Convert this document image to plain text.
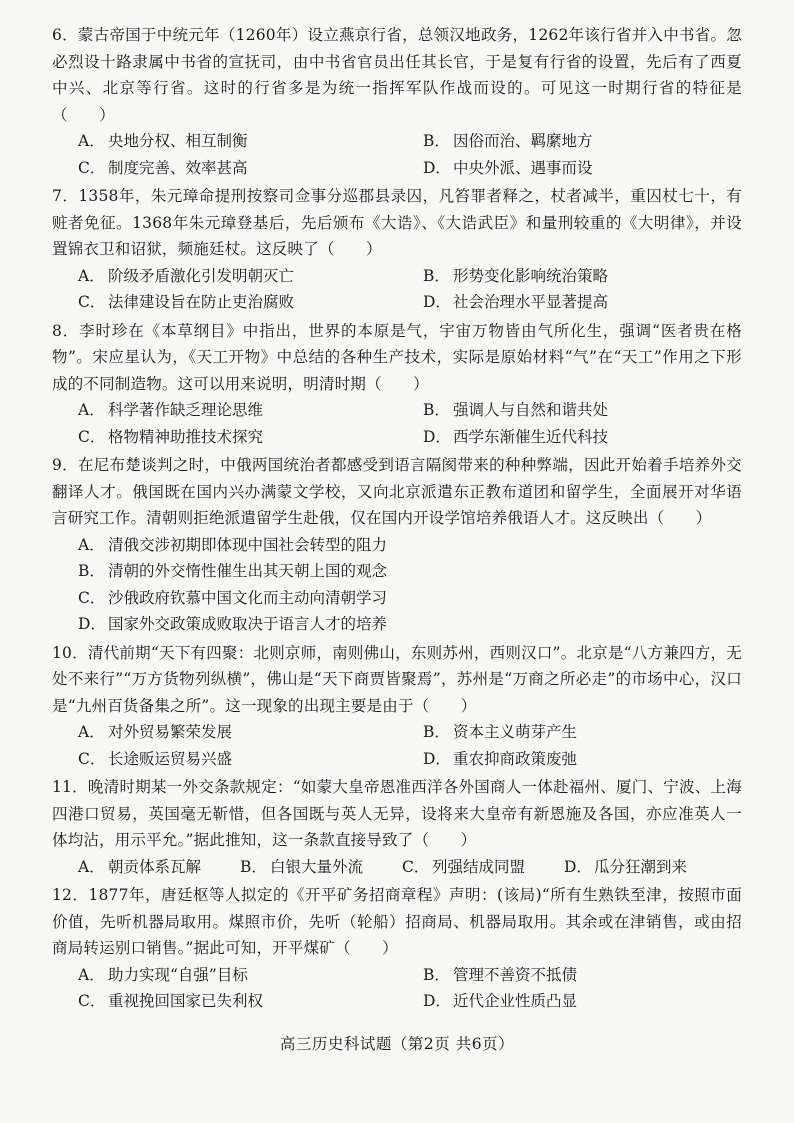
6．蒙古帝国于中统元年（1260年）设立燕京行省，总领汉地政务，1262年该行省并入中书省。忽必烈设十路隶属中书省的宣抚司，由中书省官员出任其长官，于是复有行省的设置，先后有了西夏中兴、北京等行省。这时的行省多是为统一指挥军队作战而设的。可见这一时期行省的特征是（　　）
A． 央地分权、相互制衡	B． 因俗而治、羁縻地方
C． 制度完善、效率甚高	D． 中央外派、遇事而设
7．1358年，朱元璋命提刑按察司佥事分巡郡县录囚，凡笞罪者释之，杖者减半，重囚杖七十，有赃者免征。1368年朱元璋登基后，先后颁布《大诰》、《大诰武臣》和量刑较重的《大明律》，并设置锦衣卫和诏狱，频施廷杖。这反映了（　　）
A． 阶级矛盾激化引发明朝灭亡	B． 形势变化影响统治策略
C． 法律建设旨在防止吏治腐败	D． 社会治理水平显著提高
8．李时珍在《本草纲目》中指出，世界的本原是气，宇宙万物皆由气所化生，强调“医者贵在格物”。宋应星认为，《天工开物》中总结的各种生产技术，实际是原始材料“气”在“天工”作用之下形成的不同制造物。这可以用来说明，明清时期（　　）
A． 科学著作缺乏理论思维	B． 强调人与自然和谐共处
C． 格物精神助推技术探究	D． 西学东渐催生近代科技
9．在尼布楚谈判之时，中俄两国统治者都感受到语言隔阂带来的种种弊端，因此开始着手培养外交翻译人才。俄国既在国内兴办满蒙文学校，又向北京派遣东正教布道团和留学生，全面展开对华语言研究工作。清朝则拒绝派遣留学生赴俄，仅在国内开设学馆培养俄语人才。这反映出（　　）
A． 清俄交涉初期即体现中国社会转型的阻力
B． 清朝的外交惰性催生出其天朝上国的观念
C． 沙俄政府钦慕中国文化而主动向清朝学习
D． 国家外交政策成败取决于语言人才的培养
10．清代前期“天下有四聚：北则京师，南则佛山，东则苏州，西则汉口”。北京是“八方兼四方，无处不来行”“万方货物列纵横”，佛山是“天下商贾皆聚焉”，苏州是“万商之所必走”的市场中心，汉口是“九州百货备集之所”。这一现象的出现主要是由于（　　）
A． 对外贸易繁荣发展	B． 资本主义萌芽产生
C． 长途贩运贸易兴盛	D． 重农抑商政策废弛
11．晚清时期某一外交条款规定：“如蒙大皇帝恩准西洋各外国商人一体赴福州、厦门、宁波、上海四港口贸易，英国毫无靳惜，但各国既与英人无异，设将来大皇帝有新恩施及各国，亦应准英人一体均沾，用示平允。”据此推知，这一条款直接导致了（　　）
A． 朝贡体系瓦解	B． 白银大量外流	C． 列强结成同盟	D． 瓜分狂潮到来
12．1877年，唐廷枢等人拟定的《开平矿务招商章程》声明：(该局)“所有生熟铁至津，按照市面价值，先听机器局取用。煤照市价，先听（轮船）招商局、机器局取用。其余或在津销售，或由招商局转运别口销售。”据此可知，开平煤矿（　　）
A． 助力实现“自强”目标	B． 管理不善资不抵债
C． 重视挽回国家已失利权	D． 近代企业性质凸显
高三历史科试题（第2页 共6页）
